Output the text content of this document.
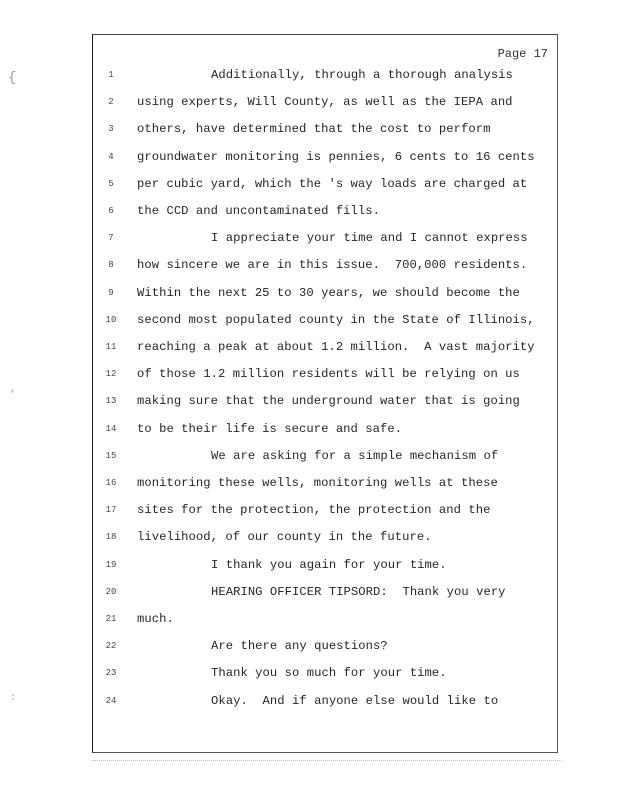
{
,
:
Page 17
1	Additionally, through a thorough analysis
2	using experts, Will County, as well as the IEPA and
3	others, have determined that the cost to perform
4	groundwater monitoring is pennies, 6 cents to 16 cents
5	per cubic yard, which the 's way loads are charged at
6	the CCD and uncontaminated fills.
7	I appreciate your time and I cannot express
8	how sincere we are in this issue.  700,000 residents.
9	Within the next 25 to 30 years, we should become the
10 second most populated county in the State of Illinois,
11 reaching a peak at about 1.2 million.  A vast majority
12 of those 1.2 million residents will be relying on us
13 making sure that the underground water that is going
14 to be their life is secure and safe.
15	We are asking for a simple mechanism of
16 monitoring these wells, monitoring wells at these
17 sites for the protection, the protection and the
18 livelihood, of our county in the future.
19	I thank you again for your time.
20	HEARING OFFICER TIPSORD:  Thank you very
21 much.
22	Are there any questions?
23	Thank you so much for your time.
24	Okay.  And if anyone else would like to
